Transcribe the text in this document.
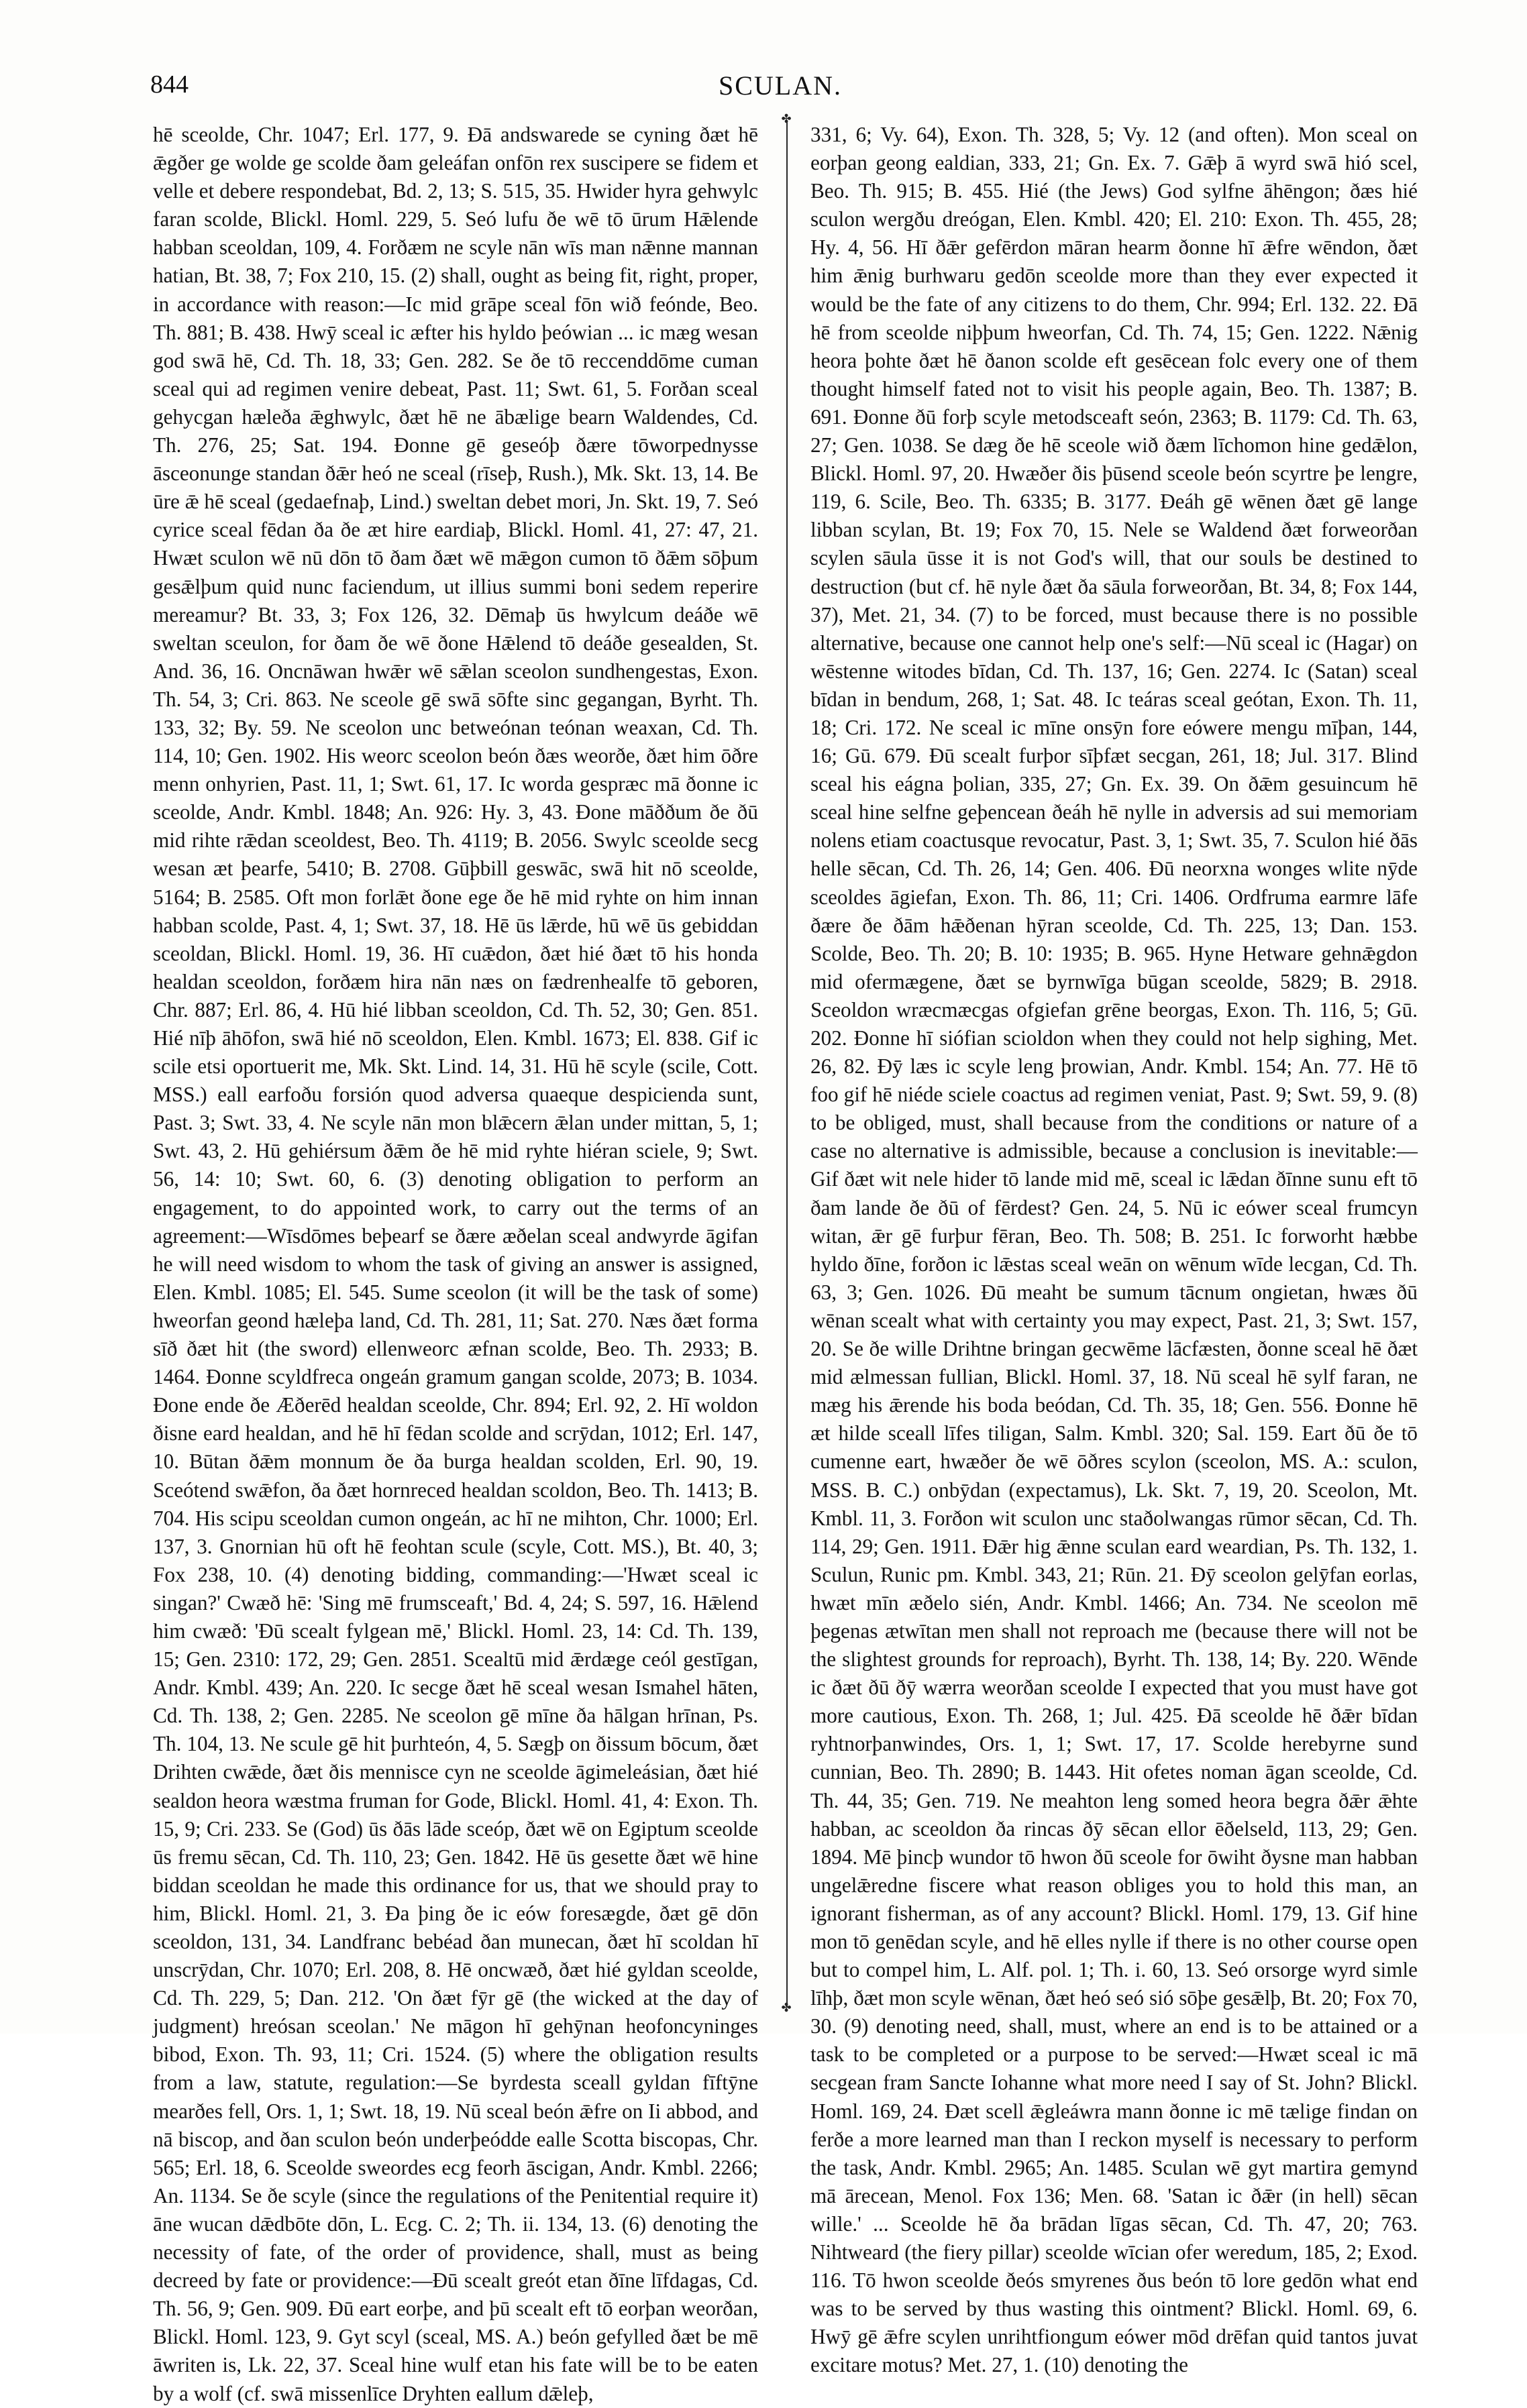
844	SCULAN.
✤
✤

hē sceolde, Chr. 1047; Erl. 177, 9. Ðā andswarede se cyning ðæt hē ǣgðer ge wolde ge scolde ðam geleáfan onfōn rex suscipere se fidem et velle et debere respondebat, Bd. 2, 13; S. 515, 35. Hwider hyra gehwylc faran scolde, Blickl. Homl. 229, 5. Seó lufu ðe wē tō ūrum Hǣlende habban sceoldan, 109, 4. Forðæm ne scyle nān wīs man nǣnne mannan hatian, Bt. 38, 7; Fox 210, 15. (2) shall, ought as being fit, right, proper, in accordance with reason:—Ic mid grāpe sceal fōn wið feónde, Beo. Th. 881; B. 438. Hwȳ sceal ic æfter his hyldo þeówian ... ic mæg wesan god swā hē, Cd. Th. 18, 33; Gen. 282. Se ðe tō reccenddōme cuman sceal qui ad regimen venire debeat, Past. 11; Swt. 61, 5. Forðan sceal gehycgan hæleða ǣghwylc, ðæt hē ne ābælige bearn Waldendes, Cd. Th. 276, 25; Sat. 194. Ðonne gē geseóþ ðære tōworpednysse āsceonunge standan ðǣr heó ne sceal (rīseþ, Rush.), Mk. Skt. 13, 14. Be ūre ǣ hē sceal (gedaefnaþ, Lind.) sweltan debet mori, Jn. Skt. 19, 7. Seó cyrice sceal fēdan ða ðe æt hire eardiaþ, Blickl. Homl. 41, 27: 47, 21. Hwæt sculon wē nū dōn tō ðam ðæt wē mǣgon cumon tō ðǣm sōþum gesǣlþum quid nunc faciendum, ut illius summi boni sedem reperire mereamur? Bt. 33, 3; Fox 126, 32. Dēmaþ ūs hwylcum deáðe wē sweltan sceulon, for ðam ðe wē ðone Hǣlend tō deáðe gesealden, St. And. 36, 16. Oncnāwan hwǣr wē sǣlan sceolon sundhengestas, Exon. Th. 54, 3; Cri. 863. Ne sceole gē swā sōfte sinc gegangan, Byrht. Th. 133, 32; By. 59. Ne sceolon unc betweónan teónan weaxan, Cd. Th. 114, 10; Gen. 1902. His weorc sceolon beón ðæs weorðe, ðæt him ōðre menn onhyrien, Past. 11, 1; Swt. 61, 17. Ic worda gespræc mā ðonne ic sceolde, Andr. Kmbl. 1848; An. 926: Hy. 3, 43. Ðone māððum ðe ðū mid rihte rǣdan sceoldest, Beo. Th. 4119; B. 2056. Swylc sceolde secg wesan æt þearfe, 5410; B. 2708. Gūþbill geswāc, swā hit nō sceolde, 5164; B. 2585. Oft mon forlǣt ðone ege ðe hē mid ryhte on him innan habban scolde, Past. 4, 1; Swt. 37, 18. Hē ūs lǣrde, hū wē ūs gebiddan sceoldan, Blickl. Homl. 19, 36. Hī cuǣdon, ðæt hié ðæt tō his honda healdan sceoldon, forðæm hira nān næs on fædrenhealfe tō geboren, Chr. 887; Erl. 86, 4. Hū hié libban sceoldon, Cd. Th. 52, 30; Gen. 851. Hié nīþ āhōfon, swā hié nō sceoldon, Elen. Kmbl. 1673; El. 838. Gif ic scile etsi oportuerit me, Mk. Skt. Lind. 14, 31. Hū hē scyle (scile, Cott. MSS.) eall earfoðu forsión quod adversa quaeque despicienda sunt, Past. 3; Swt. 33, 4. Ne scyle nān mon blǣcern ǣlan under mittan, 5, 1; Swt. 43, 2. Hū gehiérsum ðǣm ðe hē mid ryhte hiéran sciele, 9; Swt. 56, 14: 10; Swt. 60, 6. (3) denoting obligation to perform an engagement, to do appointed work, to carry out the terms of an agreement:—Wīsdōmes beþearf se ðære æðelan sceal andwyrde āgifan he will need wisdom to whom the task of giving an answer is assigned, Elen. Kmbl. 1085; El. 545. Sume sceolon (it will be the task of some) hweorfan geond hæleþa land, Cd. Th. 281, 11; Sat. 270. Næs ðæt forma sīð ðæt hit (the sword) ellenweorc æfnan scolde, Beo. Th. 2933; B. 1464. Ðonne scyldfreca ongeán gramum gangan scolde, 2073; B. 1034. Ðone ende ðe Æðerēd healdan sceolde, Chr. 894; Erl. 92, 2. Hī woldon ðisne eard healdan, and hē hī fēdan scolde and scrȳdan, 1012; Erl. 147, 10. Būtan ðǣm monnum ðe ða burga healdan scolden, Erl. 90, 19. Sceótend swǣfon, ða ðæt hornreced healdan scoldon, Beo. Th. 1413; B. 704. His scipu sceoldan cumon ongeán, ac hī ne mihton, Chr. 1000; Erl. 137, 3. Gnornian hū oft hē feohtan scule (scyle, Cott. MS.), Bt. 40, 3; Fox 238, 10. (4) denoting bidding, commanding:—'Hwæt sceal ic singan?' Cwæð hē: 'Sing mē frumsceaft,' Bd. 4, 24; S. 597, 16. Hǣlend him cwæð: 'Ðū scealt fylgean mē,' Blickl. Homl. 23, 14: Cd. Th. 139, 15; Gen. 2310: 172, 29; Gen. 2851. Scealtū mid ǣrdæge ceól gestīgan, Andr. Kmbl. 439; An. 220. Ic secge ðæt hē sceal wesan Ismahel hāten, Cd. Th. 138, 2; Gen. 2285. Ne sceolon gē mīne ða hālgan hrīnan, Ps. Th. 104, 13. Ne scule gē hit þurhteón, 4, 5. Sægþ on ðissum bōcum, ðæt Drihten cwǣde, ðæt ðis mennisce cyn ne sceolde āgimeleásian, ðæt hié sealdon heora wæstma fruman for Gode, Blickl. Homl. 41, 4: Exon. Th. 15, 9; Cri. 233. Se (God) ūs ðās lāde sceóp, ðæt wē on Egiptum sceolde ūs fremu sēcan, Cd. Th. 110, 23; Gen. 1842. Hē ūs gesette ðæt wē hine biddan sceoldan he made this ordinance for us, that we should pray to him, Blickl. Homl. 21, 3. Ða þing ðe ic eów foresægde, ðæt gē dōn sceoldon, 131, 34. Landfranc bebéad ðan munecan, ðæt hī scoldan hī unscrȳdan, Chr. 1070; Erl. 208, 8. Hē oncwæð, ðæt hié gyldan sceolde, Cd. Th. 229, 5; Dan. 212. 'On ðæt fȳr gē (the wicked at the day of judgment) hreósan sceolan.' Ne māgon hī gehȳnan heofoncyninges bibod, Exon. Th. 93, 11; Cri. 1524. (5) where the obligation results from a law, statute, regulation:—Se byrdesta sceall gyldan fīftȳne mearðes fell, Ors. 1, 1; Swt. 18, 19. Nū sceal beón ǣfre on Ii abbod, and nā biscop, and ðan sculon beón underþeódde ealle Scotta biscopas, Chr. 565; Erl. 18, 6. Sceolde sweordes ecg feorh āscigan, Andr. Kmbl. 2266; An. 1134. Se ðe scyle (since the regulations of the Penitential require it) āne wucan dǣdbōte dōn, L. Ecg. C. 2; Th. ii. 134, 13. (6) denoting the necessity of fate, of the order of providence, shall, must as being decreed by fate or providence:—Ðū scealt greót etan ðīne līfdagas, Cd. Th. 56, 9; Gen. 909. Ðū eart eorþe, and þū scealt eft tō eorþan weorðan, Blickl. Homl. 123, 9. Gyt scyl (sceal, MS. A.) beón gefylled ðæt be mē āwriten is, Lk. 22, 37. Sceal hine wulf etan his fate will be to be eaten by a wolf (cf. swā missenlīce Dryhten eallum dǣleþ,

331, 6; Vy. 64), Exon. Th. 328, 5; Vy. 12 (and often). Mon sceal on eorþan geong ealdian, 333, 21; Gn. Ex. 7. Gǣþ ā wyrd swā hió scel, Beo. Th. 915; B. 455. Hié (the Jews) God sylfne āhēngon; ðæs hié sculon wergðu dreógan, Elen. Kmbl. 420; El. 210: Exon. Th. 455, 28; Hy. 4, 56. Hī ðǣr gefērdon māran hearm ðonne hī ǣfre wēndon, ðæt him ǣnig burhwaru gedōn sceolde more than they ever expected it would be the fate of any citizens to do them, Chr. 994; Erl. 132. 22. Ðā hē from sceolde niþþum hweorfan, Cd. Th. 74, 15; Gen. 1222. Nǣnig heora þohte ðæt hē ðanon scolde eft gesēcean folc every one of them thought himself fated not to visit his people again, Beo. Th. 1387; B. 691. Ðonne ðū forþ scyle metodsceaft seón, 2363; B. 1179: Cd. Th. 63, 27; Gen. 1038. Se dæg ðe hē sceole wið ðæm līchomon hine gedǣlon, Blickl. Homl. 97, 20. Hwæðer ðis þūsend sceole beón scyrtre þe lengre, 119, 6. Scile, Beo. Th. 6335; B. 3177. Ðeáh gē wēnen ðæt gē lange libban scylan, Bt. 19; Fox 70, 15. Nele se Waldend ðæt forweorðan scylen sāula ūsse it is not God's will, that our souls be destined to destruction (but cf. hē nyle ðæt ða sāula forweorðan, Bt. 34, 8; Fox 144, 37), Met. 21, 34. (7) to be forced, must because there is no possible alternative, because one cannot help one's self:—Nū sceal ic (Hagar) on wēstenne witodes bīdan, Cd. Th. 137, 16; Gen. 2274. Ic (Satan) sceal bīdan in bendum, 268, 1; Sat. 48. Ic teáras sceal geótan, Exon. Th. 11, 18; Cri. 172. Ne sceal ic mīne onsȳn fore eówere mengu mīþan, 144, 16; Gū. 679. Ðū scealt furþor sīþfæt secgan, 261, 18; Jul. 317. Blind sceal his eágna þolian, 335, 27; Gn. Ex. 39. On ðǣm gesuincum hē sceal hine selfne geþencean ðeáh hē nylle in adversis ad sui memoriam nolens etiam coactusque revocatur, Past. 3, 1; Swt. 35, 7. Sculon hié ðās helle sēcan, Cd. Th. 26, 14; Gen. 406. Ðū neorxna wonges wlite nȳde sceoldes āgiefan, Exon. Th. 86, 11; Cri. 1406. Ordfruma earmre lāfe ðære ðe ðām hǣðenan hȳran sceolde, Cd. Th. 225, 13; Dan. 153. Scolde, Beo. Th. 20; B. 10: 1935; B. 965. Hyne Hetware gehnǣgdon mid ofermægene, ðæt se byrnwīga būgan sceolde, 5829; B. 2918. Sceoldon wræcmæcgas ofgiefan grēne beorgas, Exon. Th. 116, 5; Gū. 202. Ðonne hī siófian scioldon when they could not help sighing, Met. 26, 82. Ðȳ læs ic scyle leng þrowian, Andr. Kmbl. 154; An. 77. Hē tō foo gif hē niéde sciele coactus ad regimen veniat, Past. 9; Swt. 59, 9. (8) to be obliged, must, shall because from the conditions or nature of a case no alternative is admissible, because a conclusion is inevitable:—Gif ðæt wit nele hider tō lande mid mē, sceal ic lǣdan ðīnne sunu eft tō ðam lande ðe ðū of fērdest? Gen. 24, 5. Nū ic eówer sceal frumcyn witan, ǣr gē furþur fēran, Beo. Th. 508; B. 251. Ic forworht hæbbe hyldo ðīne, forðon ic lǣstas sceal weān on wēnum wīde lecgan, Cd. Th. 63, 3; Gen. 1026. Ðū meaht be sumum tācnum ongietan, hwæs ðū wēnan scealt what with certainty you may expect, Past. 21, 3; Swt. 157, 20. Se ðe wille Drihtne bringan gecwēme lācfæsten, ðonne sceal hē ðæt mid ælmessan fullian, Blickl. Homl. 37, 18. Nū sceal hē sylf faran, ne mæg his ǣrende his boda beódan, Cd. Th. 35, 18; Gen. 556. Ðonne hē æt hilde sceall līfes tiligan, Salm. Kmbl. 320; Sal. 159. Eart ðū ðe tō cumenne eart, hwæðer ðe wē ōðres scylon (sceolon, MS. A.: sculon, MSS. B. C.) onbȳdan (expectamus), Lk. Skt. 7, 19, 20. Sceolon, Mt. Kmbl. 11, 3. Forðon wit sculon unc staðolwangas rūmor sēcan, Cd. Th. 114, 29; Gen. 1911. Ðǣr hig ǣnne sculan eard weardian, Ps. Th. 132, 1. Sculun, Runic pm. Kmbl. 343, 21; Rūn. 21. Ðȳ sceolon gelȳfan eorlas, hwæt mīn æðelo sién, Andr. Kmbl. 1466; An. 734. Ne sceolon mē þegenas ætwītan men shall not reproach me (because there will not be the slightest grounds for reproach), Byrht. Th. 138, 14; By. 220. Wēnde ic ðæt ðū ðȳ wærra weorðan sceolde I expected that you must have got more cautious, Exon. Th. 268, 1; Jul. 425. Ðā sceolde hē ðǣr bīdan ryhtnorþanwindes, Ors. 1, 1; Swt. 17, 17. Scolde herebyrne sund cunnian, Beo. Th. 2890; B. 1443. Hit ofetes noman āgan sceolde, Cd. Th. 44, 35; Gen. 719. Ne meahton leng somed heora begra ðǣr ǣhte habban, ac sceoldon ða rincas ðȳ sēcan ellor ēðelseld, 113, 29; Gen. 1894. Mē þincþ wundor tō hwon ðū sceole for ōwiht ðysne man habban ungelǣredne fiscere what reason obliges you to hold this man, an ignorant fisherman, as of any account? Blickl. Homl. 179, 13. Gif hine mon tō genēdan scyle, and hē elles nylle if there is no other course open but to compel him, L. Alf. pol. 1; Th. i. 60, 13. Seó orsorge wyrd simle līhþ, ðæt mon scyle wēnan, ðæt heó seó sió sōþe gesǣlþ, Bt. 20; Fox 70, 30. (9) denoting need, shall, must, where an end is to be attained or a task to be completed or a purpose to be served:—Hwæt sceal ic mā secgean fram Sancte Iohanne what more need I say of St. John? Blickl. Homl. 169, 24. Ðæt scell ǣgleáwra mann ðonne ic mē tælige findan on ferðe a more learned man than I reckon myself is necessary to perform the task, Andr. Kmbl. 2965; An. 1485. Sculan wē gyt martira gemynd mā ārecean, Menol. Fox 136; Men. 68. 'Satan ic ðǣr (in hell) sēcan wille.' ... Sceolde hē ða brādan līgas sēcan, Cd. Th. 47, 20; 763. Nihtweard (the fiery pillar) sceolde wīcian ofer weredum, 185, 2; Exod. 116. Tō hwon sceolde ðeós smyrenes ðus beón tō lore gedōn what end was to be served by thus wasting this ointment? Blickl. Homl. 69, 6. Hwȳ gē ǣfre scylen unrihtfiongum eówer mōd drēfan quid tantos juvat excitare motus? Met. 27, 1. (10) denoting the
